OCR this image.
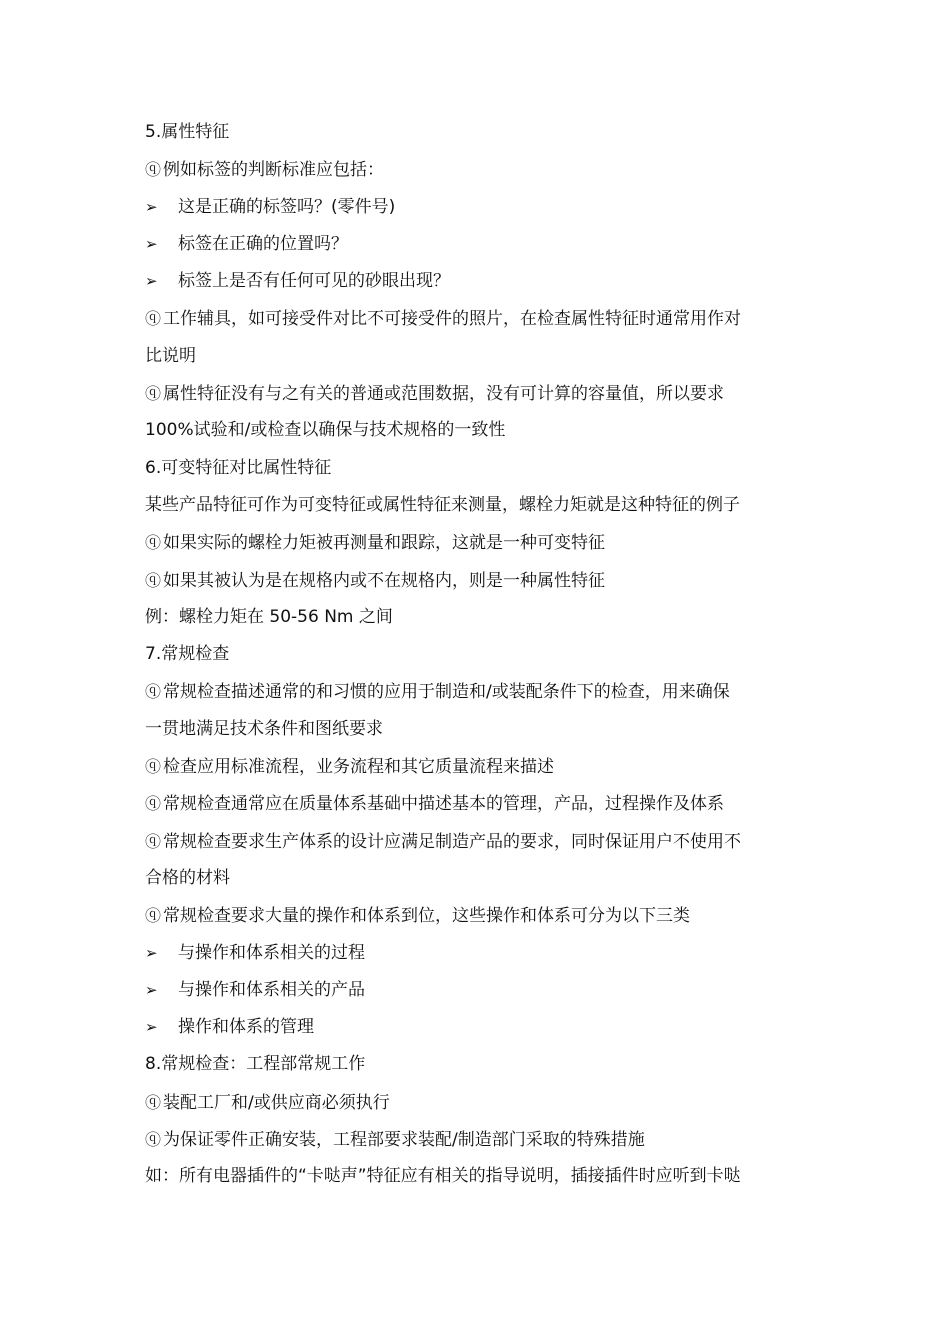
5.属性特征
ⓠ 例如标签的判断标准应包括：
➢ 这是正确的标签吗？(零件号)
➢ 标签在正确的位置吗？
➢ 标签上是否有任何可见的砂眼出现？
ⓠ 工作辅具，如可接受件对比不可接受件的照片，在检查属性特征时通常用作对
比说明
ⓠ 属性特征没有与之有关的普通或范围数据，没有可计算的容量值，所以要求
100%试验和/或检查以确保与技术规格的一致性
6.可变特征对比属性特征
某些产品特征可作为可变特征或属性特征来测量，螺栓力矩就是这种特征的例子
ⓠ 如果实际的螺栓力矩被再测量和跟踪，这就是一种可变特征
ⓠ 如果其被认为是在规格内或不在规格内，则是一种属性特征
例：螺栓力矩在 50-56 Nm 之间
7.常规检查
ⓠ 常规检查描述通常的和习惯的应用于制造和/或装配条件下的检查，用来确保
一贯地满足技术条件和图纸要求
ⓠ 检查应用标准流程，业务流程和其它质量流程来描述
ⓠ 常规检查通常应在质量体系基础中描述基本的管理，产品，过程操作及体系
ⓠ 常规检查要求生产体系的设计应满足制造产品的要求，同时保证用户不使用不
合格的材料
ⓠ 常规检查要求大量的操作和体系到位，这些操作和体系可分为以下三类
➢ 与操作和体系相关的过程
➢ 与操作和体系相关的产品
➢ 操作和体系的管理
8.常规检查：工程部常规工作
ⓠ 装配工厂和/或供应商必须执行
ⓠ 为保证零件正确安装，工程部要求装配/制造部门采取的特殊措施
如：所有电器插件的“卡哒声”特征应有相关的指导说明，插接插件时应听到卡哒
